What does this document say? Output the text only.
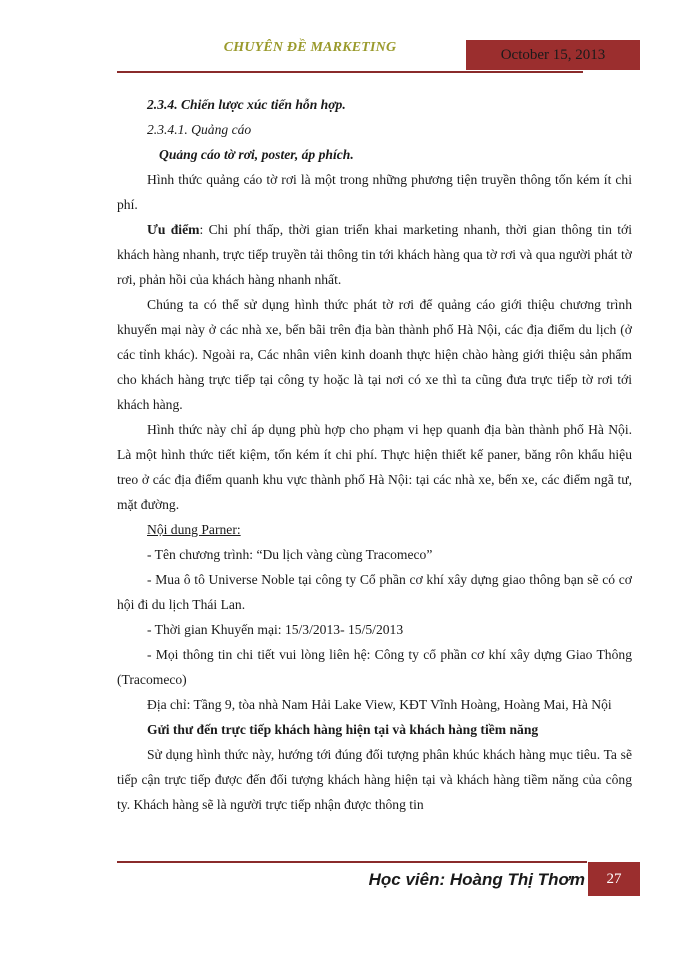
CHUYÊN ĐỀ MARKETING	October 15, 2013

2.3.4. Chiến lược xúc tiến hỗn hợp.

2.3.4.1. Quảng cáo

Quảng cáo tờ rơi, poster, áp phích.

Hình thức quảng cáo tờ rơi là một trong những phương tiện truyền thông tốn kém ít chi phí.

Ưu điểm: Chi phí thấp, thời gian triển khai marketing nhanh, thời gian thông tin tới khách hàng nhanh, trực tiếp truyền tải thông tin tới khách hàng qua tờ rơi và qua người phát tờ rơi, phản hồi của khách hàng nhanh nhất.

Chúng ta có thể sử dụng hình thức phát tờ rơi để quảng cáo giới thiệu chương trình khuyến mại này ở các nhà xe, bến bãi trên địa bàn thành phố Hà Nội, các địa điểm du lịch (ở các tỉnh khác). Ngoài ra, Các nhân viên kinh doanh thực hiện chào hàng giới thiệu sản phẩm cho khách hàng trực tiếp tại công ty hoặc là tại nơi có xe thì ta cũng đưa trực tiếp tờ rơi tới khách hàng.

Hình thức này chỉ áp dụng phù hợp cho phạm vi hẹp quanh địa bàn thành phố Hà Nội. Là một hình thức tiết kiệm, tốn kém ít chi phí. Thực hiện thiết kế paner, băng rôn khẩu hiệu treo ở các địa điểm quanh khu vực thành phố Hà Nội: tại các nhà xe, bến xe, các điểm ngã tư, mặt đường.

Nội dung Parner:

- Tên chương trình: “Du lịch vàng cùng Tracomeco”

- Mua ô tô Universe Noble tại công ty Cổ phần cơ khí xây dựng giao thông bạn sẽ có cơ hội đi du lịch Thái Lan.

- Thời gian Khuyến mại: 15/3/2013- 15/5/2013

- Mọi thông tin chi tiết vui lòng liên hệ: Công ty cổ phần cơ khí xây dựng Giao Thông (Tracomeco)

Địa chỉ: Tầng 9, tòa nhà Nam Hải Lake View, KĐT Vĩnh Hoàng, Hoàng Mai, Hà Nội

Gửi thư đến trực tiếp khách hàng hiện tại và khách hàng tiềm năng

Sử dụng hình thức này, hướng tới đúng đối tượng phân khúc khách hàng mục tiêu. Ta sẽ tiếp cận trực tiếp được đến đối tượng khách hàng hiện tại và khách hàng tiềm năng của công ty. Khách hàng sẽ là người trực tiếp nhận được thông tin

Học viên: Hoàng Thị Thơm	27
